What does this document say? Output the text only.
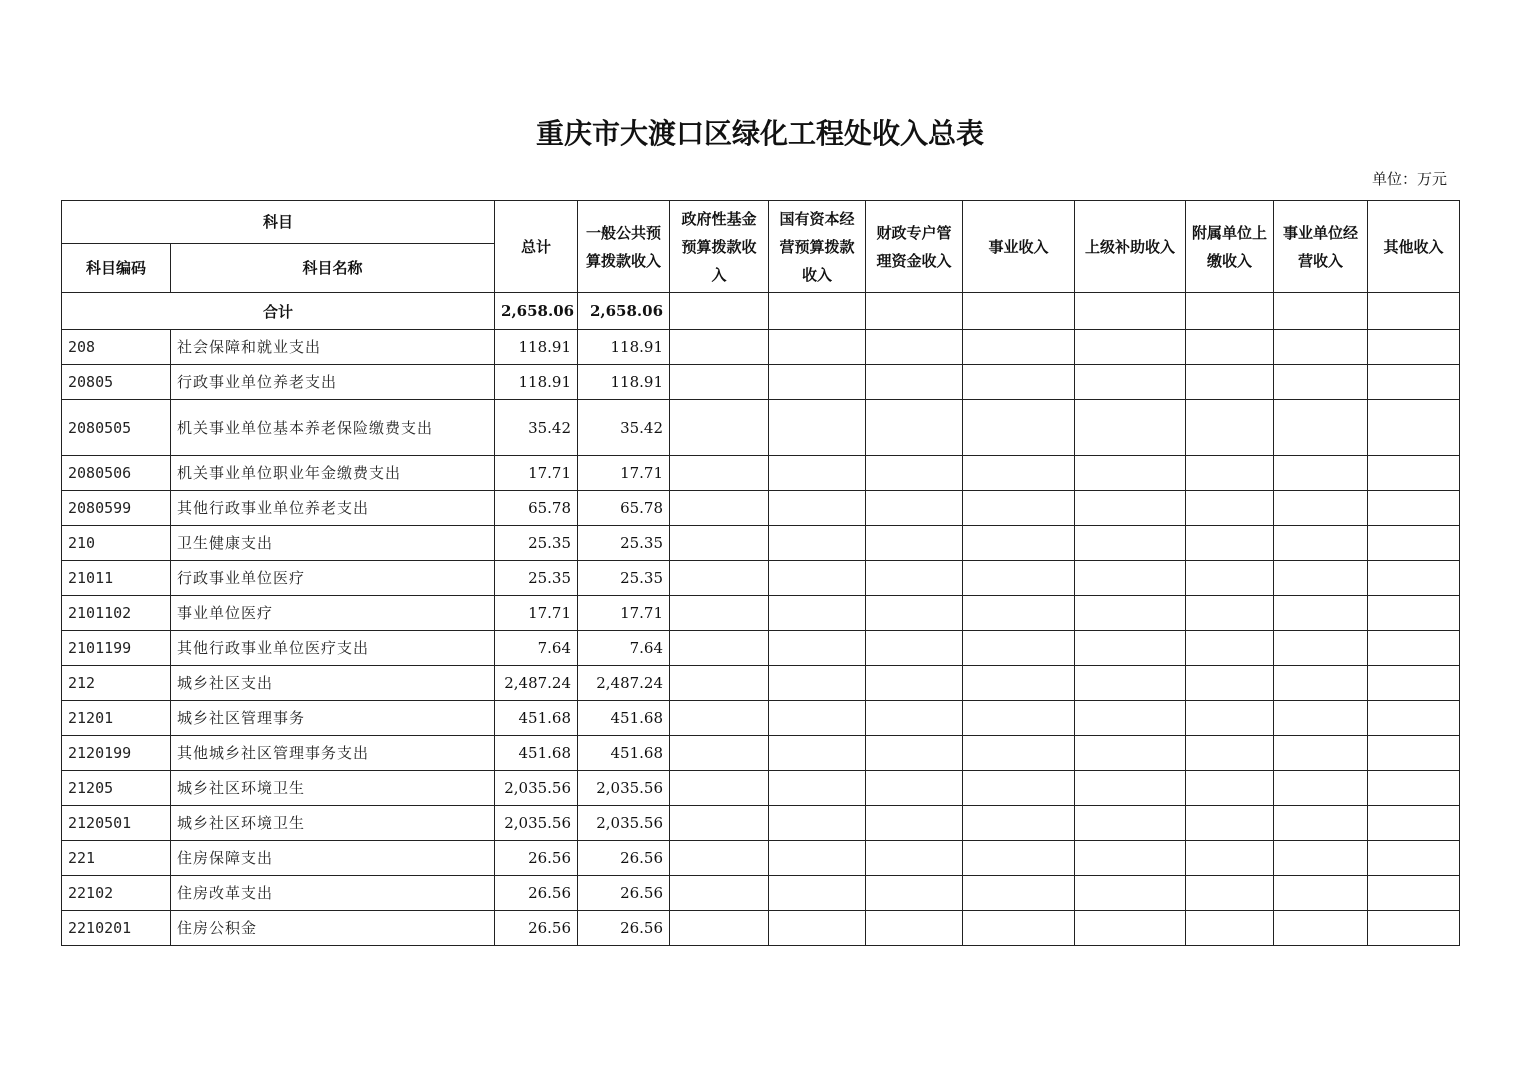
重庆市大渡口区绿化工程处收入总表
单位：万元
科目		总计	一般公共预算拨款收入	政府性基金预算拨款收入	国有资本经营预算拨款收入	财政专户管理资金收入	事业收入	上级补助收入	附属单位上缴收入	事业单位经营收入	其他收入
科目编码	科目名称										
合计		2,658.06	2,658.06								
208	社会保障和就业支出	118.91	118.91								
20805	行政事业单位养老支出	118.91	118.91								
2080505	机关事业单位基本养老保险缴费支出	35.42	35.42								
2080506	机关事业单位职业年金缴费支出	17.71	17.71								
2080599	其他行政事业单位养老支出	65.78	65.78								
210	卫生健康支出	25.35	25.35								
21011	行政事业单位医疗	25.35	25.35								
2101102	事业单位医疗	17.71	17.71								
2101199	其他行政事业单位医疗支出	7.64	7.64								
212	城乡社区支出	2,487.24	2,487.24								
21201	城乡社区管理事务	451.68	451.68								
2120199	其他城乡社区管理事务支出	451.68	451.68								
21205	城乡社区环境卫生	2,035.56	2,035.56								
2120501	城乡社区环境卫生	2,035.56	2,035.56								
221	住房保障支出	26.56	26.56								
22102	住房改革支出	26.56	26.56								
2210201	住房公积金	26.56	26.56								
